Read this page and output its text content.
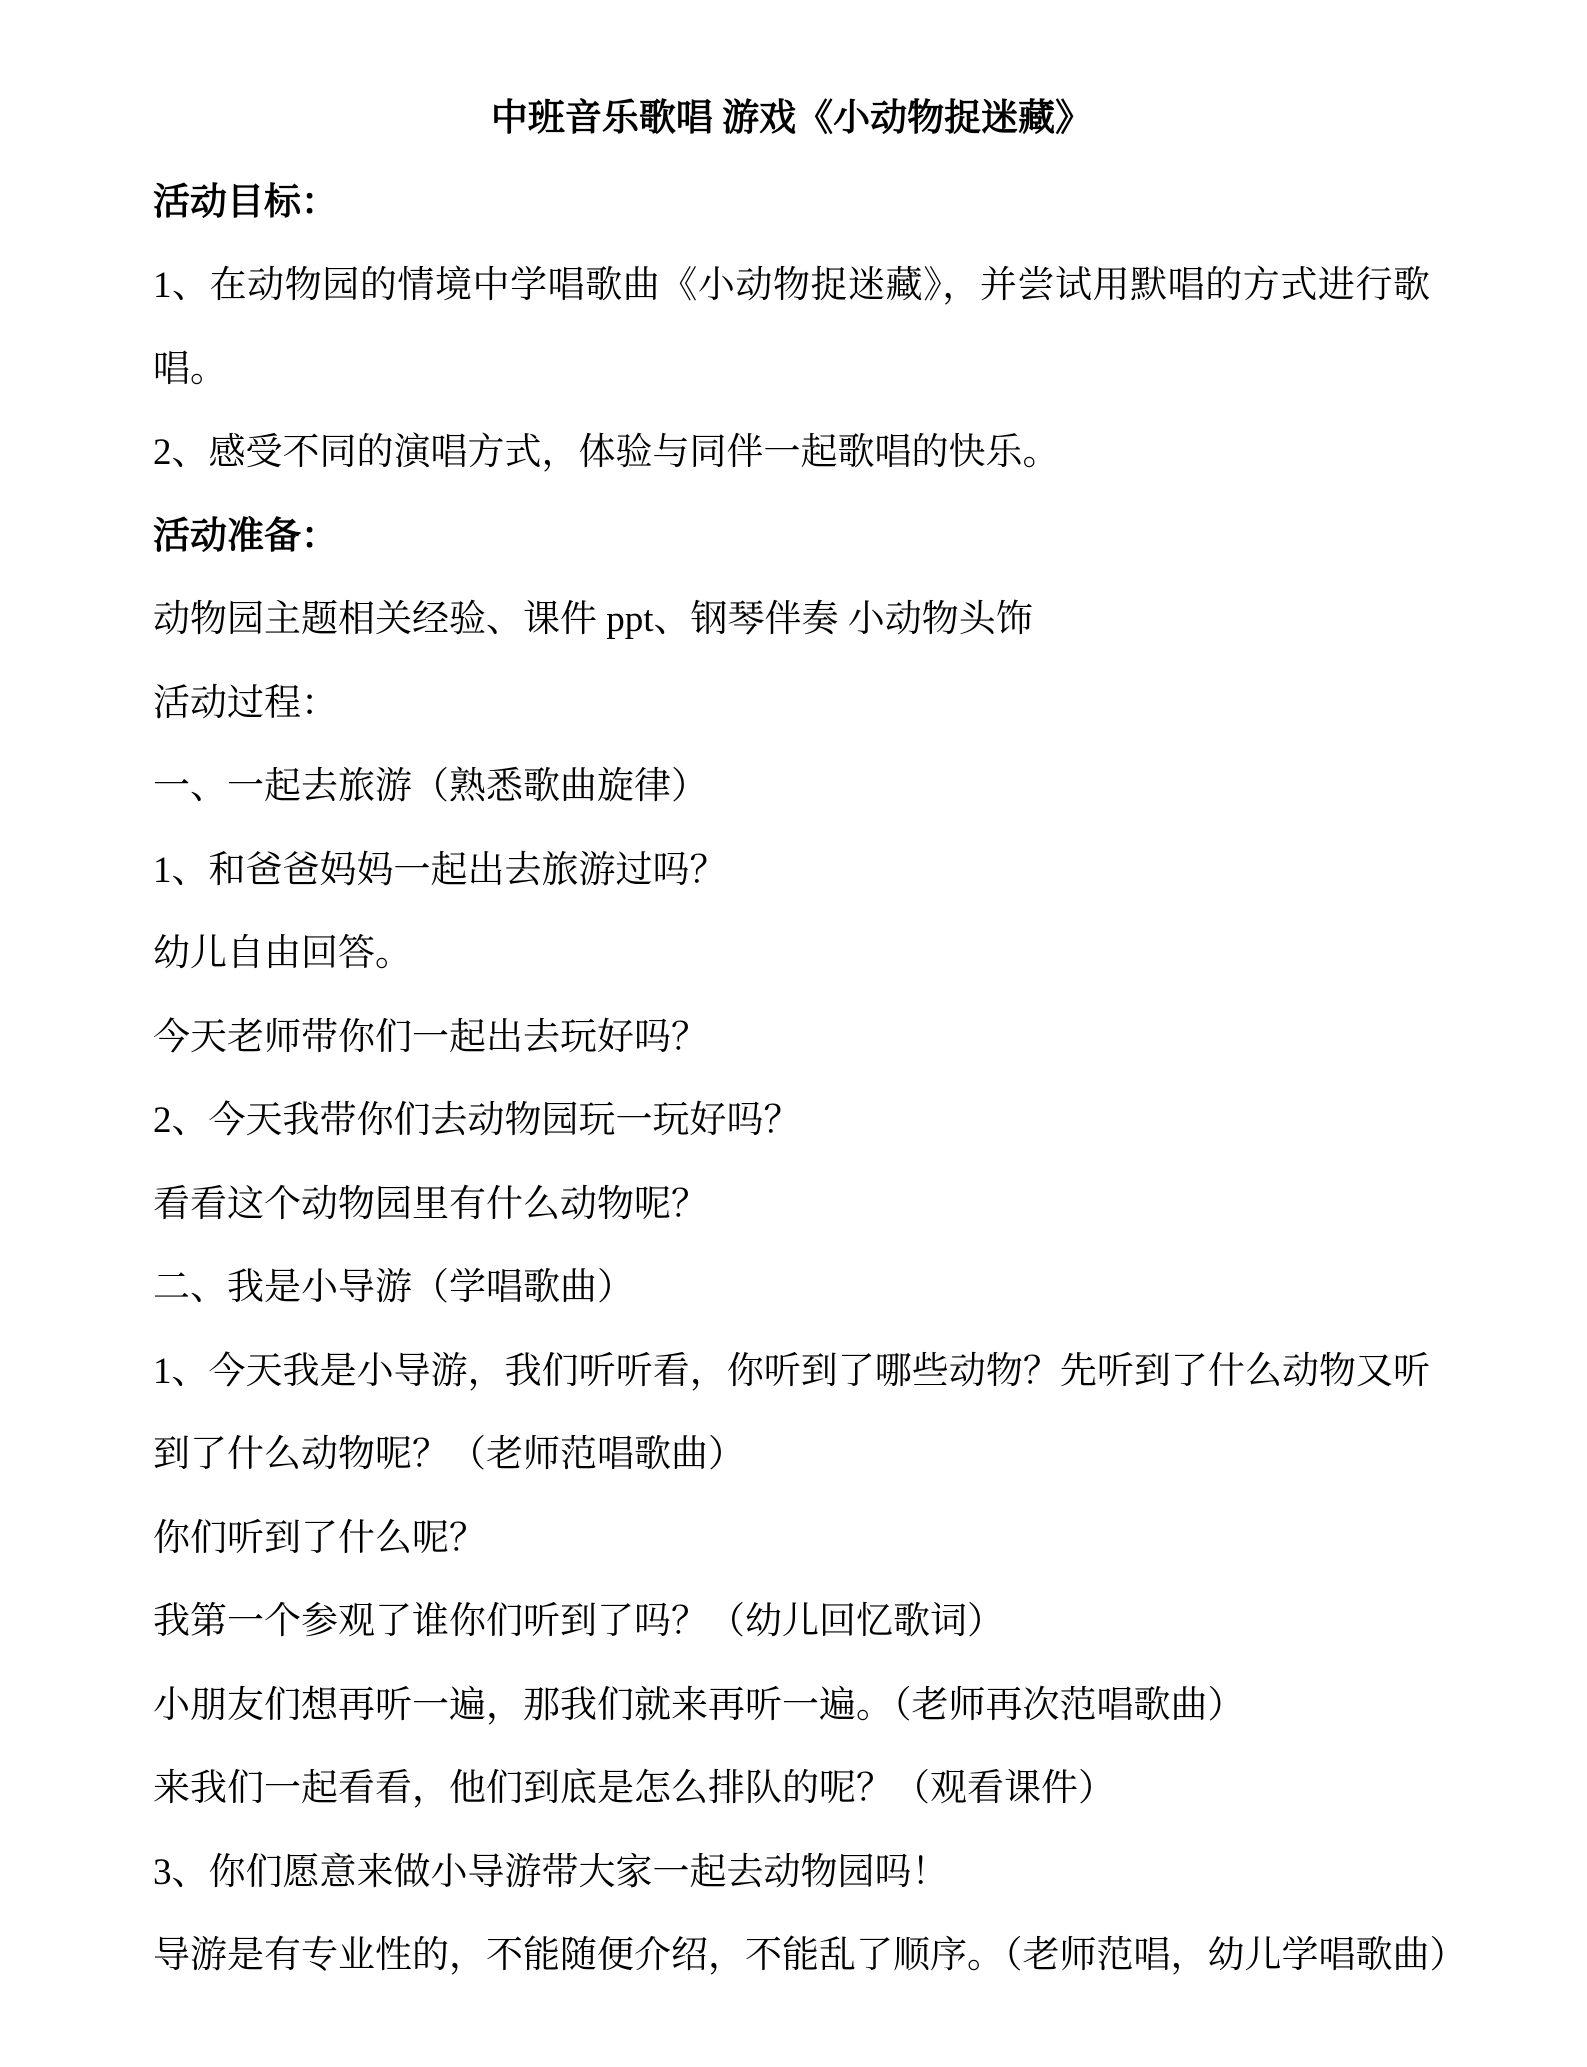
中班音乐歌唱 游戏《小动物捉迷藏》
活动目标：
1、在动物园的情境中学唱歌曲《小动物捉迷藏》，并尝试用默唱的方式进行歌
唱。
2、感受不同的演唱方式，体验与同伴一起歌唱的快乐。
活动准备：
动物园主题相关经验、课件 ppt、钢琴伴奏 小动物头饰
活动过程：
一、一起去旅游（熟悉歌曲旋律）
1、和爸爸妈妈一起出去旅游过吗？
幼儿自由回答。
今天老师带你们一起出去玩好吗？
2、今天我带你们去动物园玩一玩好吗？
看看这个动物园里有什么动物呢？
二、我是小导游（学唱歌曲）
1、今天我是小导游，我们听听看，你听到了哪些动物？先听到了什么动物又听
到了什么动物呢？（老师范唱歌曲）
你们听到了什么呢？
我第一个参观了谁你们听到了吗？（幼儿回忆歌词）
小朋友们想再听一遍，那我们就来再听一遍。（老师再次范唱歌曲）
来我们一起看看，他们到底是怎么排队的呢？（观看课件）
3、你们愿意来做小导游带大家一起去动物园吗！
导游是有专业性的，不能随便介绍，不能乱了顺序。（老师范唱，幼儿学唱歌曲）
